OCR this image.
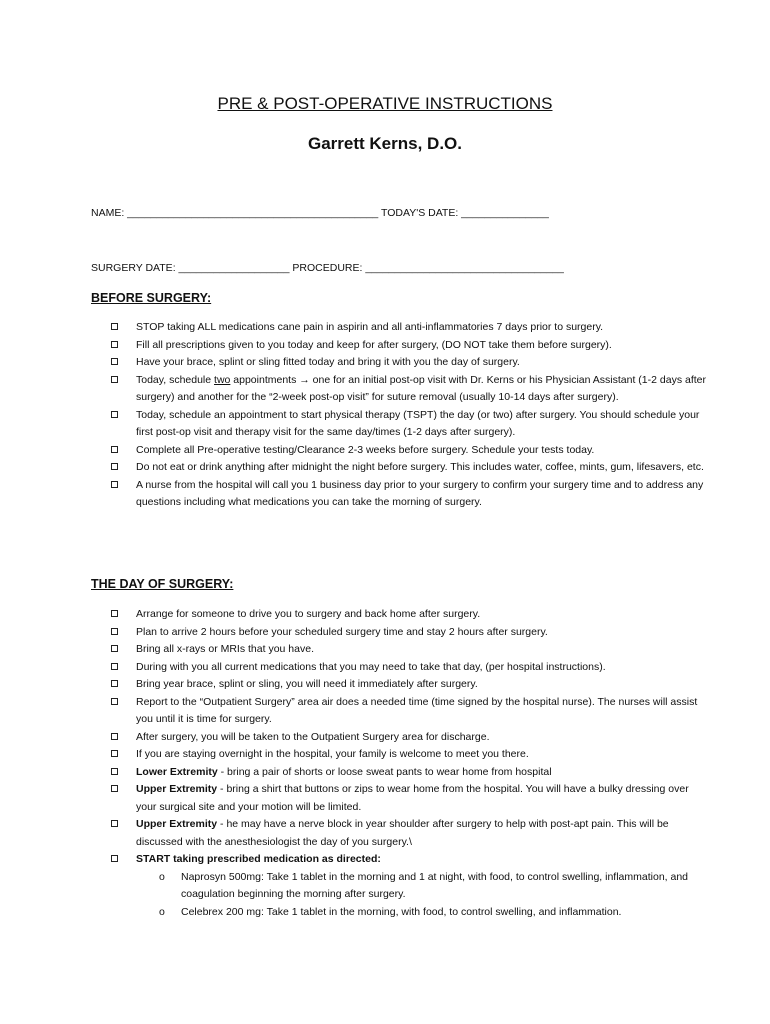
PRE & POST-OPERATIVE INSTRUCTIONS
Garrett Kerns, D.O.
NAME: ___________________________________________ TODAY'S DATE: _______________
SURGERY DATE: ___________________ PROCEDURE: __________________________________
BEFORE SURGERY:
STOP taking ALL medications cane pain in aspirin and all anti-inflammatories 7 days prior to surgery.
Fill all prescriptions given to you today and keep for after surgery, (DO NOT take them before surgery).
Have your brace, splint or sling fitted today and bring it with you the day of surgery.
Today, schedule two appointments → one for an initial post-op visit with Dr. Kerns or his Physician Assistant (1-2 days after surgery) and another for the “2-week post-op visit” for suture removal (usually 10-14 days after surgery).
Today, schedule an appointment to start physical therapy (TSPT) the day (or two) after surgery. You should schedule your first post-op visit and therapy visit for the same day/times (1-2 days after surgery).
Complete all Pre-operative testing/Clearance 2-3 weeks before surgery. Schedule your tests today.
Do not eat or drink anything after midnight the night before surgery. This includes water, coffee, mints, gum, lifesavers, etc.
A nurse from the hospital will call you 1 business day prior to your surgery to confirm your surgery time and to address any questions including what medications you can take the morning of surgery.
THE DAY OF SURGERY:
Arrange for someone to drive you to surgery and back home after surgery.
Plan to arrive 2 hours before your scheduled surgery time and stay 2 hours after surgery.
Bring all x-rays or MRIs that you have.
During with you all current medications that you may need to take that day, (per hospital instructions).
Bring year brace, splint or sling, you will need it immediately after surgery.
Report to the “Outpatient Surgery” area air does a needed time (time signed by the hospital nurse). The nurses will assist you until it is time for surgery.
After surgery, you will be taken to the Outpatient Surgery area for discharge.
If you are staying overnight in the hospital, your family is welcome to meet you there.
Lower Extremity - bring a pair of shorts or loose sweat pants to wear home from hospital
Upper Extremity - bring a shirt that buttons or zips to wear home from the hospital. You will have a bulky dressing over your surgical site and your motion will be limited.
Upper Extremity - he may have a nerve block in year shoulder after surgery to help with post-apt pain. This will be discussed with the anesthesiologist the day of you surgery.\
START taking prescribed medication as directed:
o Naprosyn 500mg: Take 1 tablet in the morning and 1 at night, with food, to control swelling, inflammation, and coagulation beginning the morning after surgery.
o Celebrex 200 mg: Take 1 tablet in the morning, with food, to control swelling, and inflammation.
